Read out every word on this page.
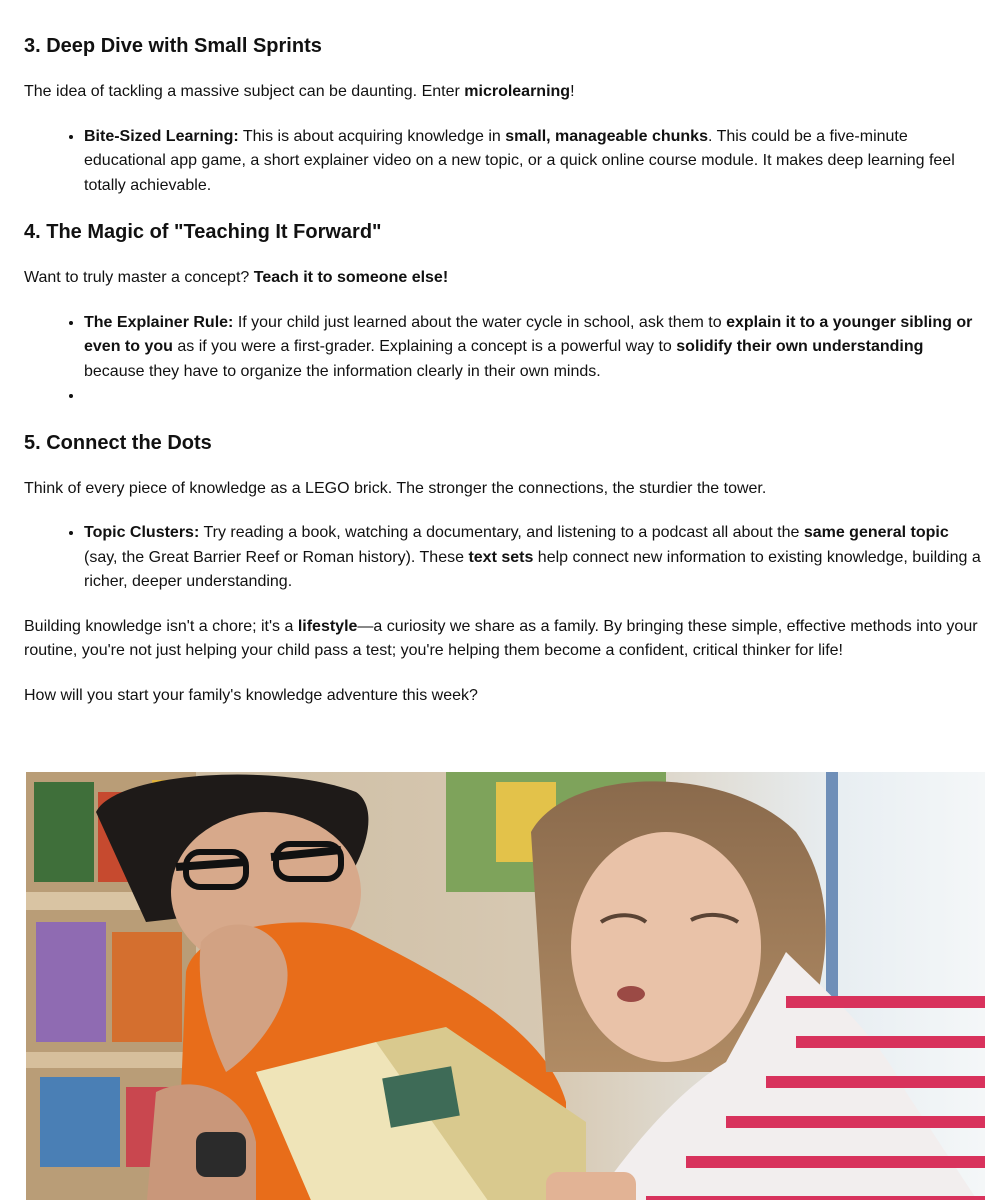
3. Deep Dive with Small Sprints

The idea of tackling a massive subject can be daunting. Enter microlearning!

• Bite-Sized Learning: This is about acquiring knowledge in small, manageable chunks. This could be a five-minute educational app game, a short explainer video on a new topic, or a quick online course module. It makes deep learning feel totally achievable.
4. The Magic of "Teaching It Forward"

Want to truly master a concept? Teach it to someone else!

• The Explainer Rule: If your child just learned about the water cycle in school, ask them to explain it to a younger sibling or even to you as if you were a first-grader. Explaining a concept is a powerful way to solidify their own understanding because they have to organize the information clearly in their own minds.
•
5. Connect the Dots

Think of every piece of knowledge as a LEGO brick. The stronger the connections, the sturdier the tower.

• Topic Clusters: Try reading a book, watching a documentary, and listening to a podcast all about the same general topic (say, the Great Barrier Reef or Roman history). These text sets help connect new information to existing knowledge, building a richer, deeper understanding.

Building knowledge isn't a chore; it's a lifestyle—a curiosity we share as a family. By bringing these simple, effective methods into your routine, you're not just helping your child pass a test; you're helping them become a confident, critical thinker for life!

How will you start your family's knowledge adventure this week?
